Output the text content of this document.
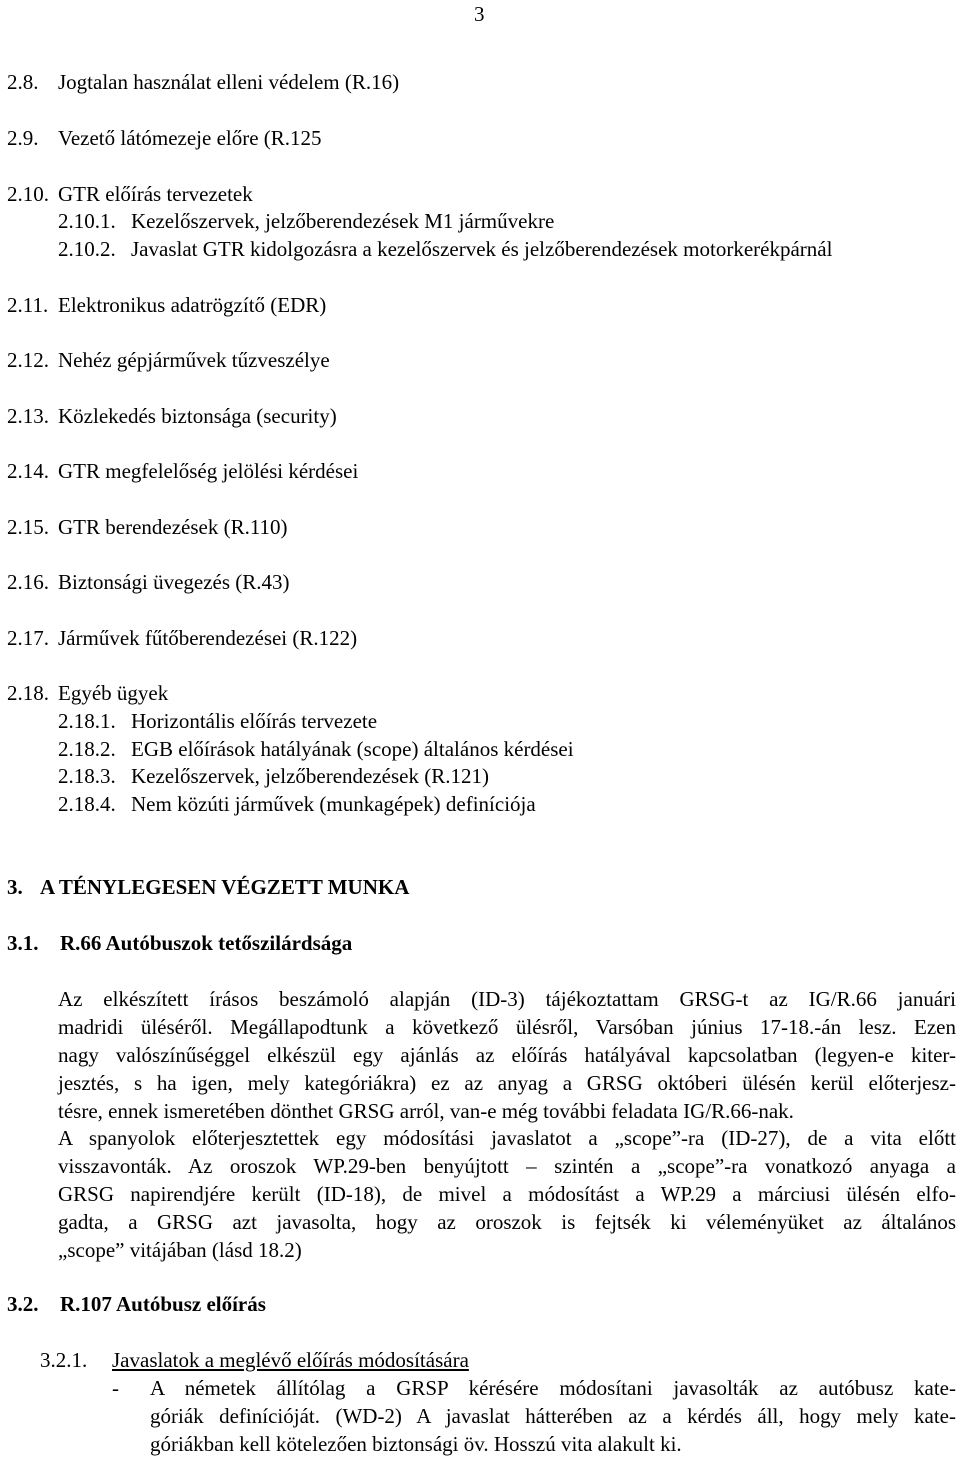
3
2.8. Jogtalan használat elleni védelem (R.16)
2.9. Vezető látómezeje előre (R.125
2.10. GTR előírás tervezetek
2.10.1. Kezelőszervek, jelzőberendezések M1 járművekre
2.10.2. Javaslat GTR kidolgozásra a kezelőszervek és jelzőberendezések motorkerékpárnál
2.11. Elektronikus adatrögzítő (EDR)
2.12. Nehéz gépjárművek tűzveszélye
2.13. Közlekedés biztonsága (security)
2.14. GTR megfelelőség jelölési kérdései
2.15. GTR berendezések (R.110)
2.16. Biztonsági üvegezés (R.43)
2.17. Járművek fűtőberendezései (R.122)
2.18. Egyéb ügyek
2.18.1. Horizontális előírás tervezete
2.18.2. EGB előírások hatályának (scope) általános kérdései
2.18.3. Kezelőszervek, jelzőberendezések (R.121)
2.18.4. Nem közúti járművek (munkagépek) definíciója
3. A TÉNYLEGESEN VÉGZETT MUNKA
3.1. R.66 Autóbuszok tetőszilárdsága
Az elkészített írásos beszámoló alapján (ID-3) tájékoztattam GRSG-t az IG/R.66 januári
madridi üléséről. Megállapodtunk a következő ülésről, Varsóban június 17-18.-án lesz. Ezen
nagy valószínűséggel elkészül egy ajánlás az előírás hatályával kapcsolatban (legyen-e kiter-
jesztés, s ha igen, mely kategóriákra) ez az anyag a GRSG októberi ülésén kerül előterjesz-
tésre, ennek ismeretében dönthet GRSG arról, van-e még további feladata IG/R.66-nak.
A spanyolok előterjesztettek egy módosítási javaslatot a „scope”-ra (ID-27), de a vita előtt
visszavonták. Az oroszok WP.29-ben benyújtott – szintén a „scope”-ra vonatkozó anyaga a
GRSG napirendjére került (ID-18), de mivel a módosítást a WP.29 a márciusi ülésén elfo-
gadta, a GRSG azt javasolta, hogy az oroszok is fejtsék ki véleményüket az általános
„scope” vitájában (lásd 18.2)
3.2. R.107 Autóbusz előírás
3.2.1. Javaslatok a meglévő előírás módosítására
- A németek állítólag a GRSP kérésére módosítani javasolták az autóbusz kate-
góriák definícióját. (WD-2) A javaslat hátterében az a kérdés áll, hogy mely kate-
góriákban kell kötelezően biztonsági öv. Hosszú vita alakult ki.
